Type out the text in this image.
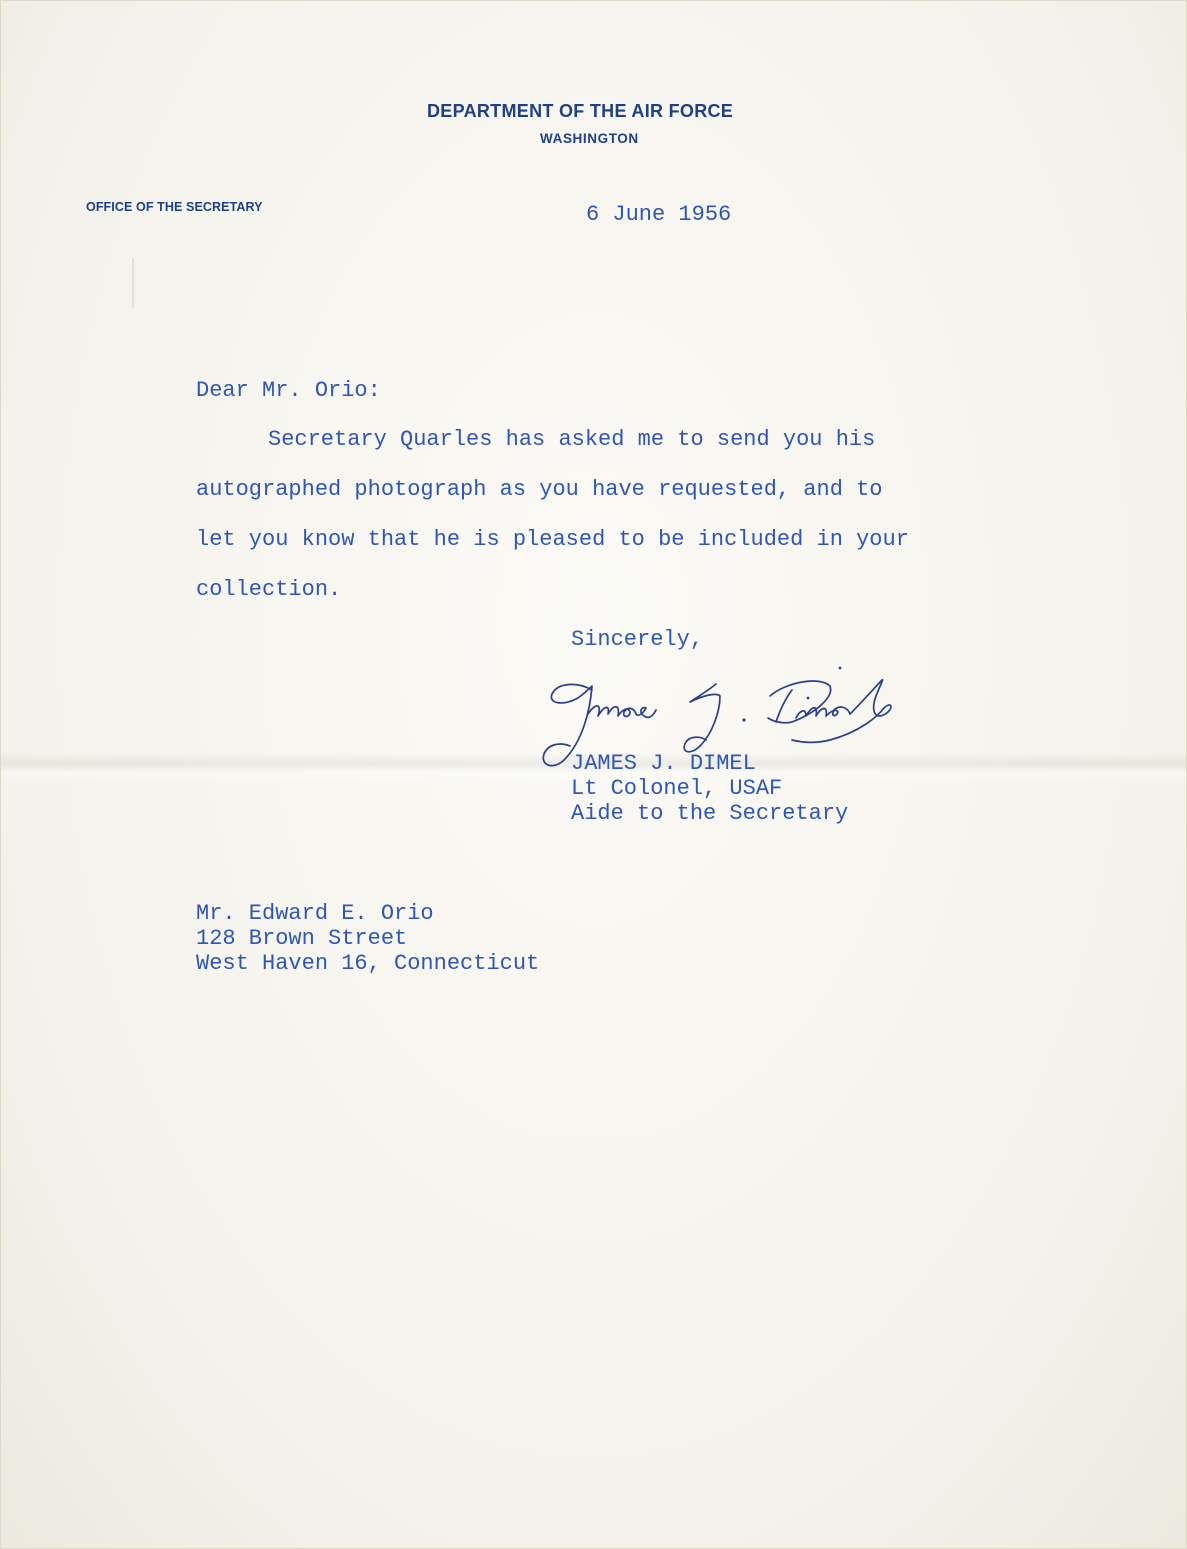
DEPARTMENT OF THE AIR FORCE
WASHINGTON
OFFICE OF THE SECRETARY	6 June 1956
Dear Mr. Orio:
Secretary Quarles has asked me to send you his
autographed photograph as you have requested, and to
let you know that he is pleased to be included in your
collection.
Sincerely,
JAMES J. DIMEL
Lt Colonel, USAF
Aide to the Secretary
Mr. Edward E. Orio
128 Brown Street
West Haven 16, Connecticut
